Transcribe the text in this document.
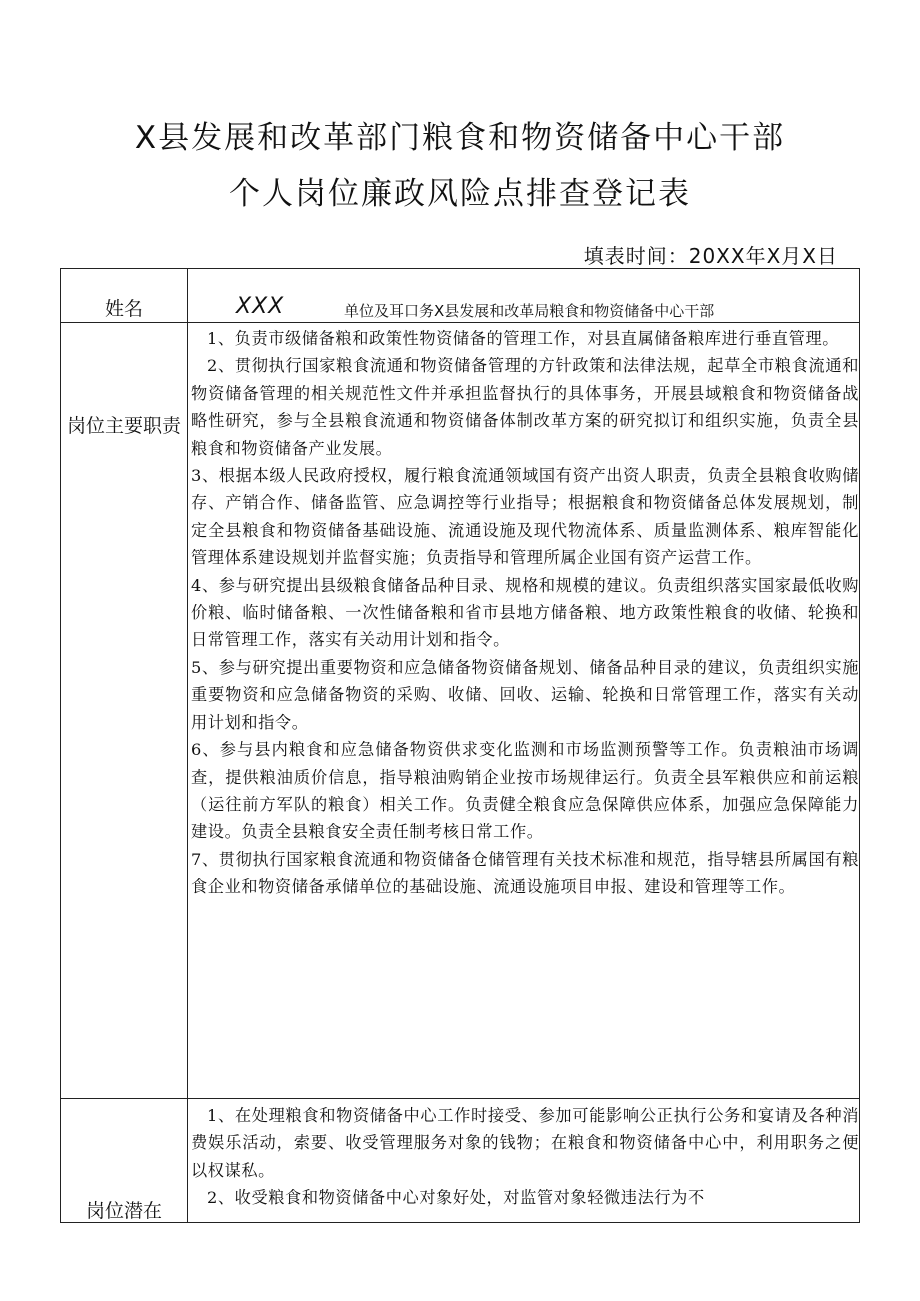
X县发展和改革部门粮食和物资储备中心干部
个人岗位廉政风险点排查登记表
填表时间：20XX年X月X日
姓名	XXX	单位及耳口务X县发展和改革局粮食和物资储备中心干部
岗位主要职责

1、负责市级储备粮和政策性物资储备的管理工作，对县直属储备粮库进行垂直管理。

2、贯彻执行国家粮食流通和物资储备管理的方针政策和法律法规，起草全市粮食流通和物资储备管理的相关规范性文件并承担监督执行的具体事务，开展县域粮食和物资储备战略性研究，参与全县粮食流通和物资储备体制改革方案的研究拟订和组织实施，负责全县粮食和物资储备产业发展。

3、根据本级人民政府授权，履行粮食流通领域国有资产出资人职责，负责全县粮食收购储存、产销合作、储备监管、应急调控等行业指导；根据粮食和物资储备总体发展规划，制定全县粮食和物资储备基础设施、流通设施及现代物流体系、质量监测体系、粮库智能化管理体系建设规划并监督实施；负责指导和管理所属企业国有资产运营工作。

4、参与研究提出县级粮食储备品种目录、规格和规模的建议。负责组织落实国家最低收购价粮、临时储备粮、一次性储备粮和省市县地方储备粮、地方政策性粮食的收储、轮换和日常管理工作，落实有关动用计划和指令。

5、参与研究提出重要物资和应急储备物资储备规划、储备品种目录的建议，负责组织实施重要物资和应急储备物资的采购、收储、回收、运输、轮换和日常管理工作，落实有关动用计划和指令。

6、参与县内粮食和应急储备物资供求变化监测和市场监测预警等工作。负责粮油市场调查，提供粮油质价信息，指导粮油购销企业按市场规律运行。负责全县军粮供应和前运粮（运往前方军队的粮食）相关工作。负责健全粮食应急保障供应体系，加强应急保障能力建设。负责全县粮食安全责任制考核日常工作。

7、贯彻执行国家粮食流通和物资储备仓储管理有关技术标准和规范，指导辖县所属国有粮食企业和物资储备承储单位的基础设施、流通设施项目申报、建设和管理等工作。

岗位潜在

1、在处理粮食和物资储备中心工作时接受、参加可能影响公正执行公务和宴请及各种消费娱乐活动，索要、收受管理服务对象的钱物；在粮食和物资储备中心中，利用职务之便以权谋私。

2、收受粮食和物资储备中心对象好处，对监管对象轻微违法行为不
